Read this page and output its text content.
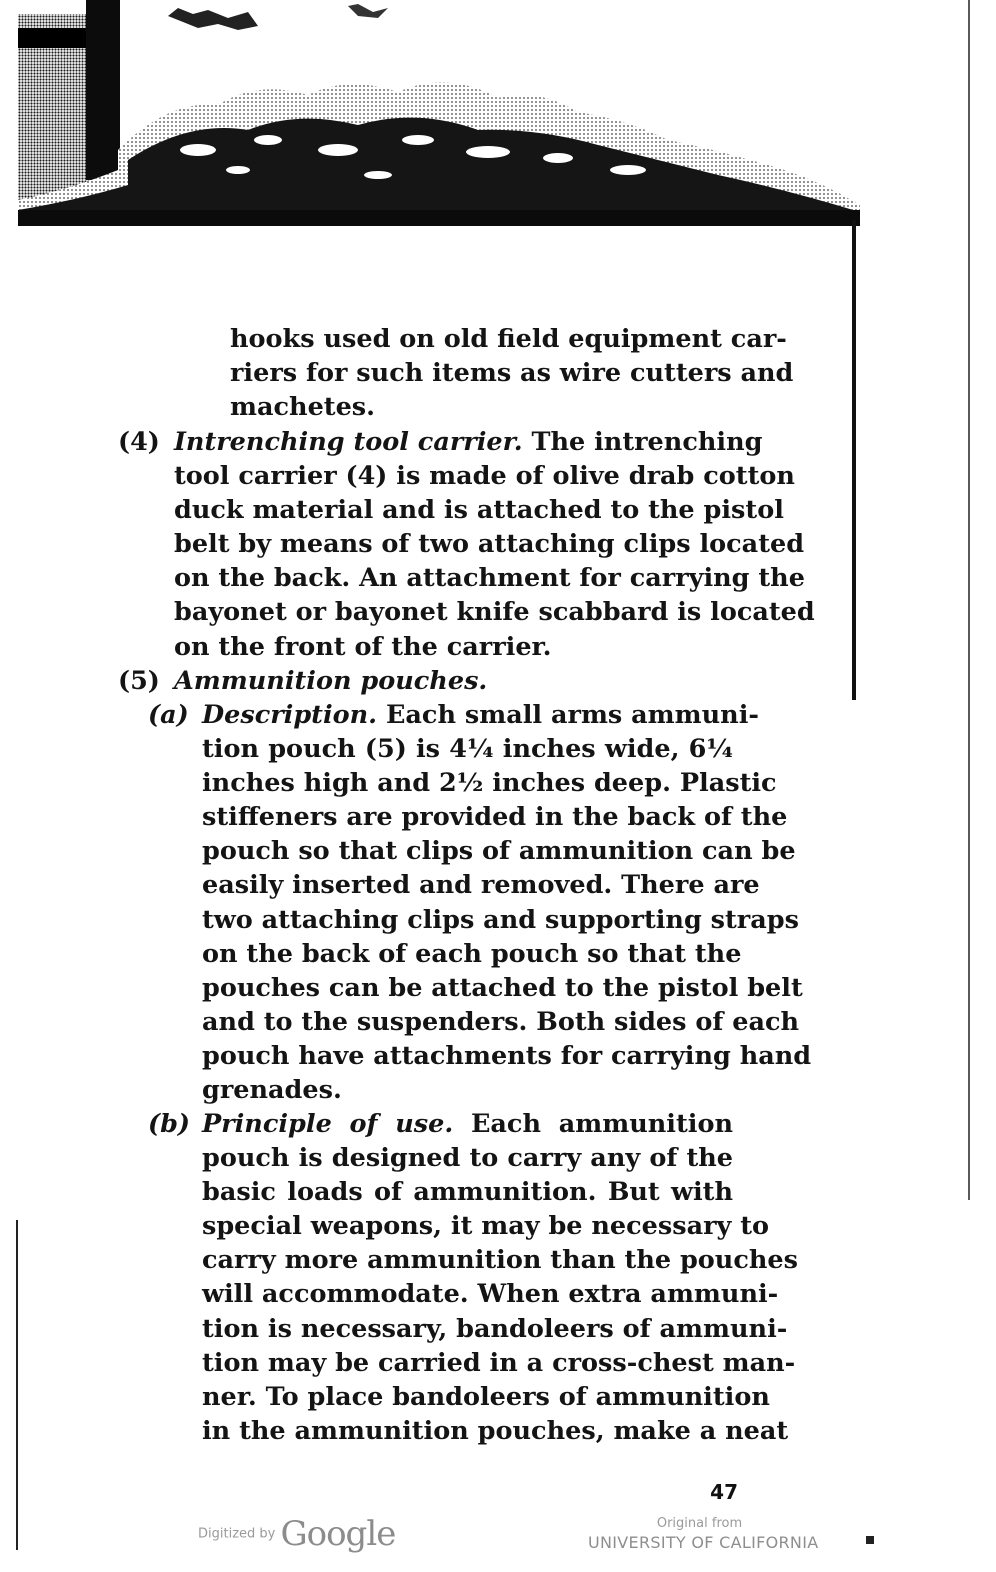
hooks used on old field equipment car-
riers for such items as wire cutters and
machetes.
(4) Intrenching tool carrier. The intrenching
tool carrier (4) is made of olive drab cotton
duck material and is attached to the pistol
belt by means of two attaching clips located
on the back. An attachment for carrying the
bayonet or bayonet knife scabbard is located
on the front of the carrier.
(5) Ammunition pouches.
(a) Description. Each small arms ammuni-
tion pouch (5) is 4¼ inches wide, 6¼
inches high and 2½ inches deep. Plastic
stiffeners are provided in the back of the
pouch so that clips of ammunition can be
easily inserted and removed. There are
two attaching clips and supporting straps
on the back of each pouch so that the
pouches can be attached to the pistol belt
and to the suspenders. Both sides of each
pouch have attachments for carrying hand
grenades.
(b) Principle of use. Each ammunition
pouch is designed to carry any of the
basic loads of ammunition. But with
special weapons, it may be necessary to
carry more ammunition than the pouches
will accommodate. When extra ammuni-
tion is necessary, bandoleers of ammuni-
tion may be carried in a cross-chest man-
ner. To place bandoleers of ammunition
in the ammunition pouches, make a neat
47
Digitized by Google	Original from
UNIVERSITY OF CALIFORNIA
